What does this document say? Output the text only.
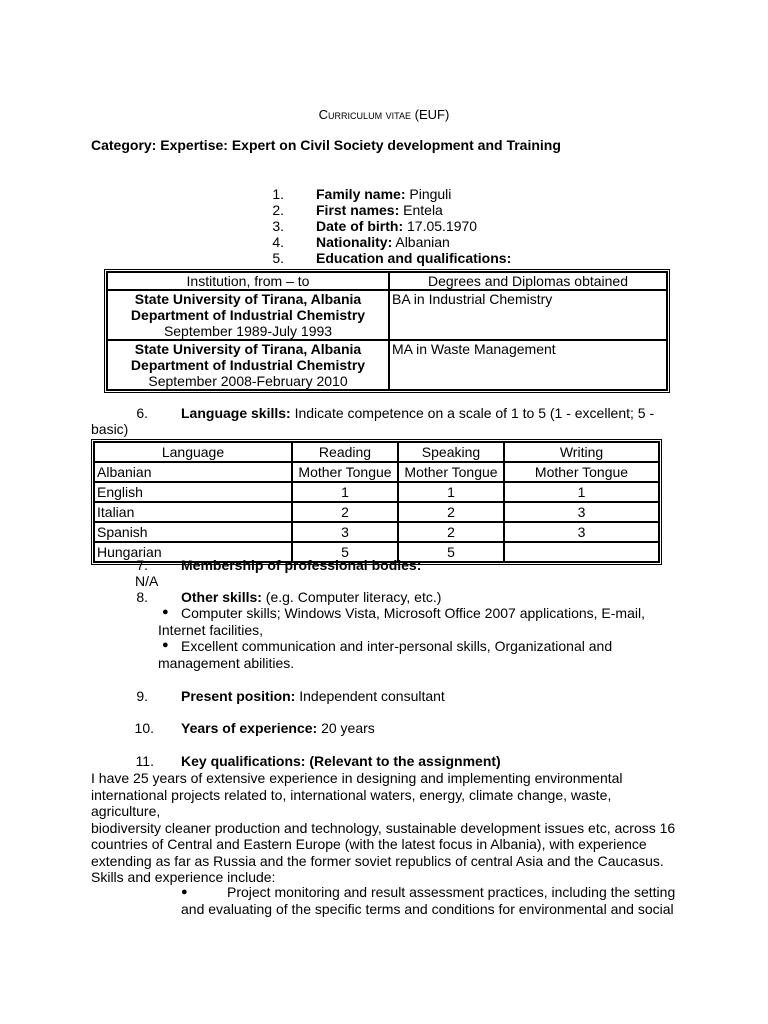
Curriculum vitae (EUF)
Category: Expertise: Expert on Civil Society development and Training
1. Family name: Pinguli
2. First names: Entela
3. Date of birth: 17.05.1970
4. Nationality: Albanian
5. Education and qualifications:
Institution, from – to	Degrees and Diplomas obtained
State University of Tirana, Albania
Department of Industrial Chemistry
September 1989-July 1993	BA in Industrial Chemistry
State University of Tirana, Albania
Department of Industrial Chemistry
September 2008-February 2010	MA in Waste Management
6. Language skills: Indicate competence on a scale of 1 to 5 (1 - excellent; 5 -
basic)
Language	Reading	Speaking	Writing
Albanian	Mother Tongue	Mother Tongue	Mother Tongue
English	1	1	1
Italian	2	2	3
Spanish	3	2	3
Hungarian	5	5	
7. Membership of professional bodies:
N/A
8. Other skills: (e.g. Computer literacy, etc.)
● Computer skills; Windows Vista, Microsoft Office 2007 applications, E-mail,
Internet facilities,
● Excellent communication and inter-personal skills, Organizational and
management abilities.
9. Present position: Independent consultant
10. Years of experience: 20 years
11. Key qualifications: (Relevant to the assignment)
I have 25 years of extensive experience in designing and implementing environmental
international projects related to, international waters, energy, climate change, waste, agriculture,
biodiversity cleaner production and technology, sustainable development issues etc, across 16
countries of Central and Eastern Europe (with the latest focus in Albania), with experience
extending as far as Russia and the former soviet republics of central Asia and the Caucasus.
Skills and experience include:
●	Project monitoring and result assessment practices, including the setting
and evaluating of the specific terms and conditions for environmental and social
